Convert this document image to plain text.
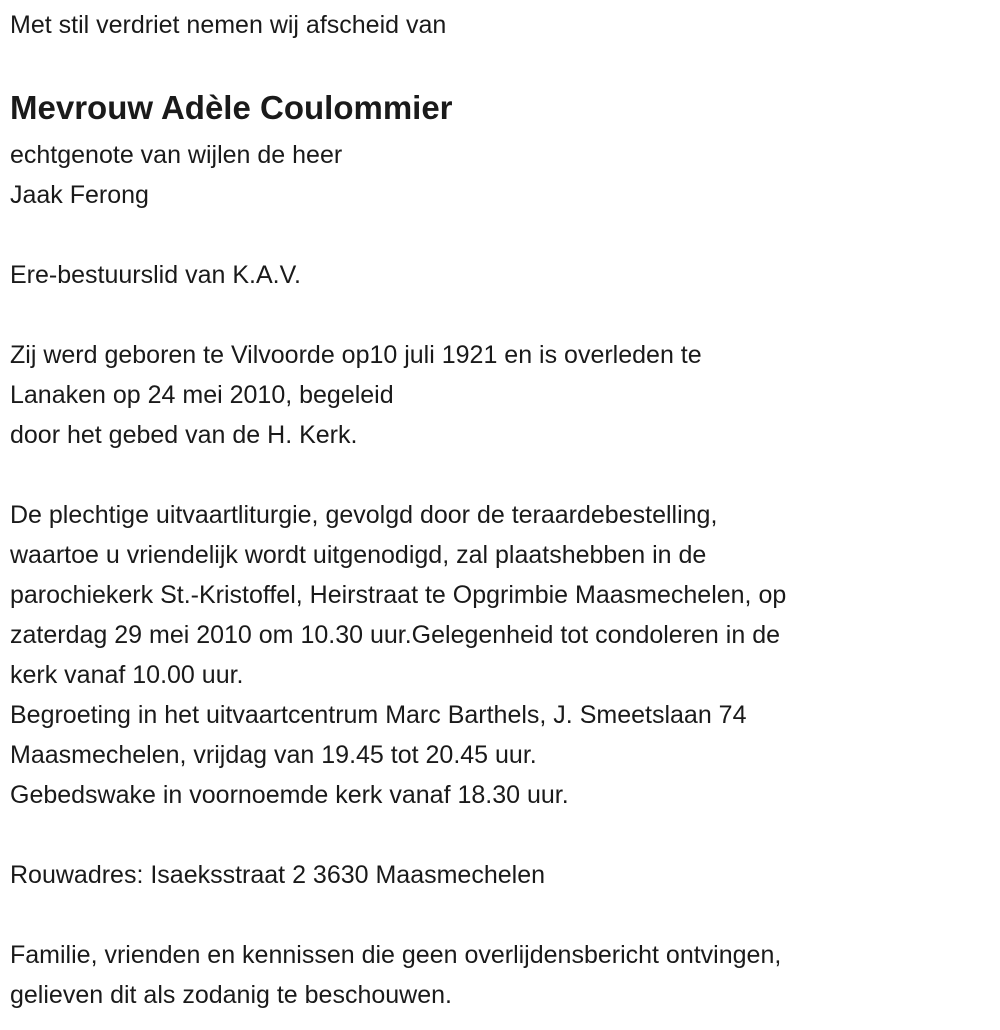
Met stil verdriet nemen wij afscheid van
Mevrouw Adèle Coulommier
echtgenote van wijlen de heer
Jaak Ferong
Ere-bestuurslid van K.A.V.
Zij werd geboren te Vilvoorde op10 juli 1921 en is overleden te
Lanaken op 24 mei 2010, begeleid
door het gebed van de H. Kerk.
De plechtige uitvaartliturgie, gevolgd door de teraardebestelling,
waartoe u vriendelijk wordt uitgenodigd, zal plaatshebben in de
parochiekerk St.-Kristoffel, Heirstraat te Opgrimbie Maasmechelen, op
zaterdag 29 mei 2010 om 10.30 uur.Gelegenheid tot condoleren in de
kerk vanaf 10.00 uur.
Begroeting in het uitvaartcentrum Marc Barthels, J. Smeetslaan 74
Maasmechelen, vrijdag van 19.45 tot 20.45 uur.
Gebedswake in voornoemde kerk vanaf 18.30 uur.
Rouwadres: Isaeksstraat 2 3630 Maasmechelen
Familie, vrienden en kennissen die geen overlijdensbericht ontvingen,
gelieven dit als zodanig te beschouwen.
